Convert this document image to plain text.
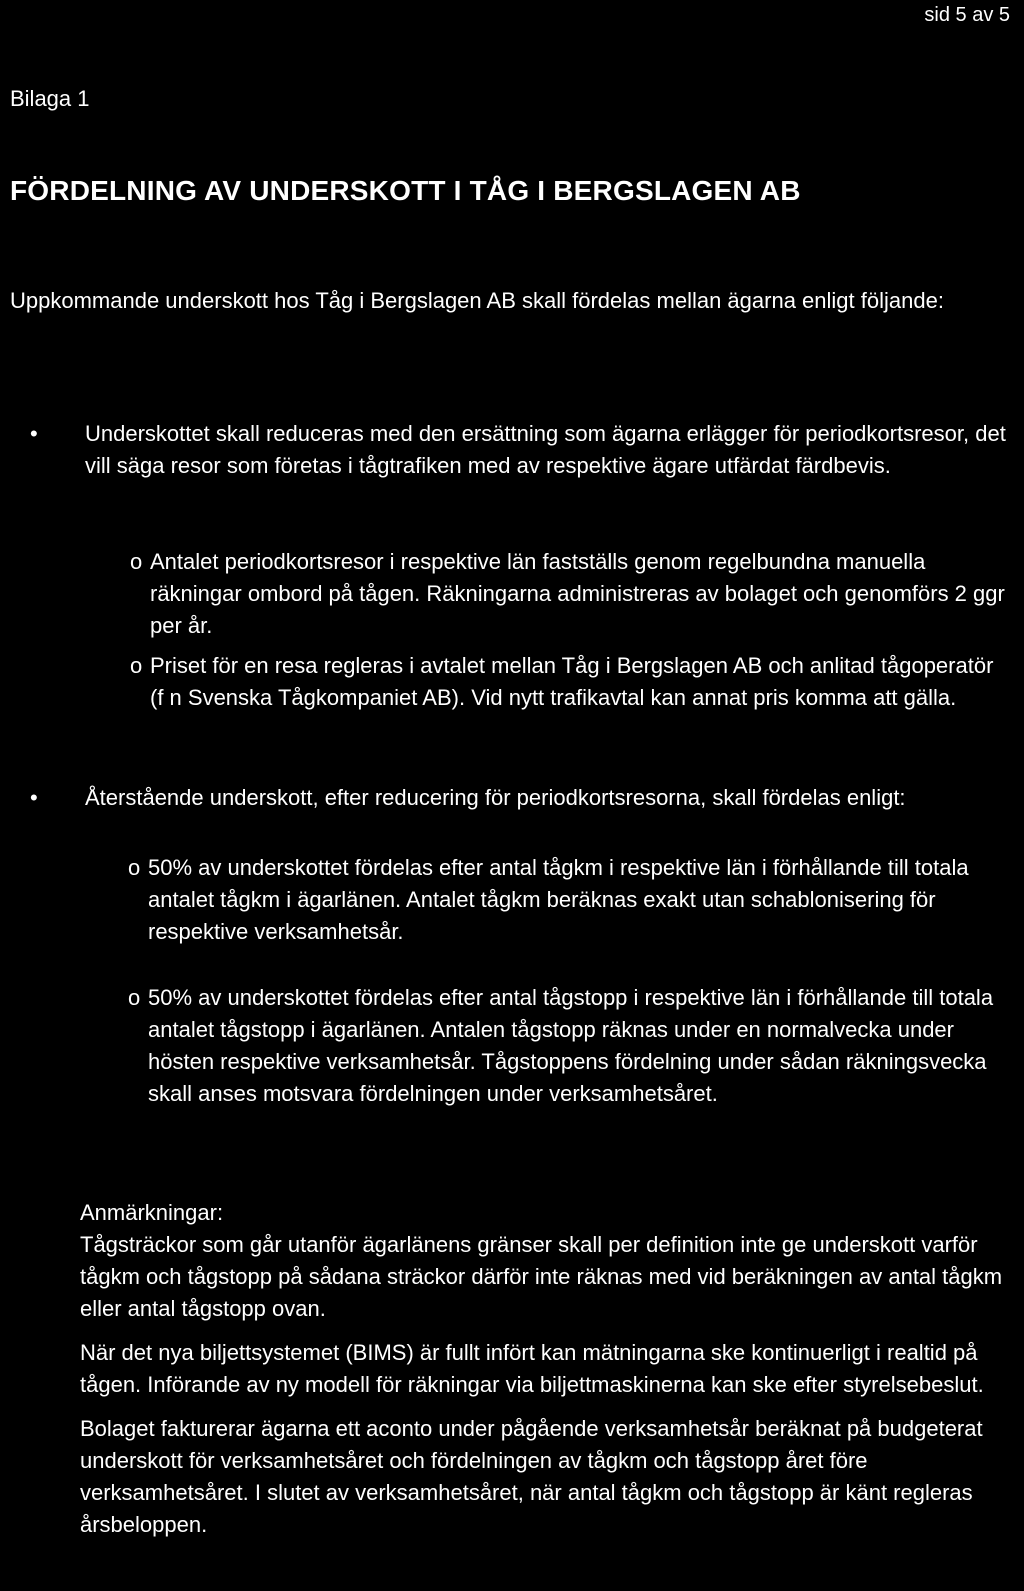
sid 5 av 5
Bilaga 1
FÖRDELNING AV UNDERSKOTT I TÅG I BERGSLAGEN AB

Uppkommande underskott hos Tåg i Bergslagen AB skall fördelas mellan ägarna enligt följande:

• Underskottet skall reduceras med den ersättning som ägarna erlägger för periodkortsresor, det vill säga resor som företas i tågtrafiken med av respektive ägare utfärdat färdbevis.
o Antalet periodkortsresor i respektive län fastställs genom regelbundna manuella räkningar ombord på tågen. Räkningarna administreras av bolaget och genomförs 2 ggr per år.
o Priset för en resa regleras i avtalet mellan Tåg i Bergslagen AB och anlitad tågoperatör (f n Svenska Tågkompaniet AB). Vid nytt trafikavtal kan annat pris komma att gälla.
• Återstående underskott, efter reducering för periodkortsresorna, skall fördelas enligt:
o 50% av underskottet fördelas efter antal tågkm i respektive län i förhållande till totala antalet tågkm i ägarlänen. Antalet tågkm beräknas exakt utan schablonisering för respektive verksamhetsår.
o 50% av underskottet fördelas efter antal tågstopp i respektive län i förhållande till totala antalet tågstopp i ägarlänen. Antalen tågstopp räknas under en normalvecka under hösten respektive verksamhetsår. Tågstoppens fördelning under sådan räkningsvecka skall anses motsvara fördelningen under verksamhetsåret.

Anmärkningar:

Tågsträckor som går utanför ägarlänens gränser skall per definition inte ge underskott varför tågkm och tågstopp på sådana sträckor därför inte räknas med vid beräkningen av antal tågkm eller antal tågstopp ovan.

När det nya biljettsystemet (BIMS) är fullt infört kan mätningarna ske kontinuerligt i realtid på tågen. Införande av ny modell för räkningar via biljettmaskinerna kan ske efter styrelsebeslut.

Bolaget fakturerar ägarna ett aconto under pågående verksamhetsår beräknat på budgeterat underskott för verksamhetsåret och fördelningen av tågkm och tågstopp året före verksamhetsåret. I slutet av verksamhetsåret, när antal tågkm och tågstopp är känt regleras årsbeloppen.
